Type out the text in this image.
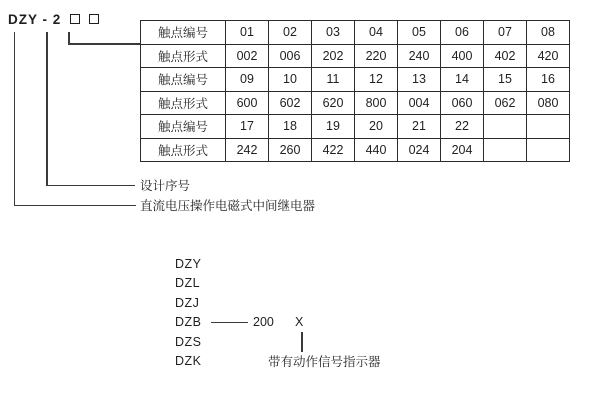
DZY - 2
触点编号	01	02	03	04	05	06	07	08
触点形式	002	006	202	220	240	400	402	420
触点编号	09	10	11	12	13	14	15	16
触点形式	600	602	620	800	004	060	062	080
触点编号	17	18	19	20	21	22		
触点形式	242	260	422	440	024	204		
设计序号
直流电压操作电磁式中间继电器
DZY
DZL
DZJ
DZB
DZS
DZK
200 X
带有动作信号指示器
